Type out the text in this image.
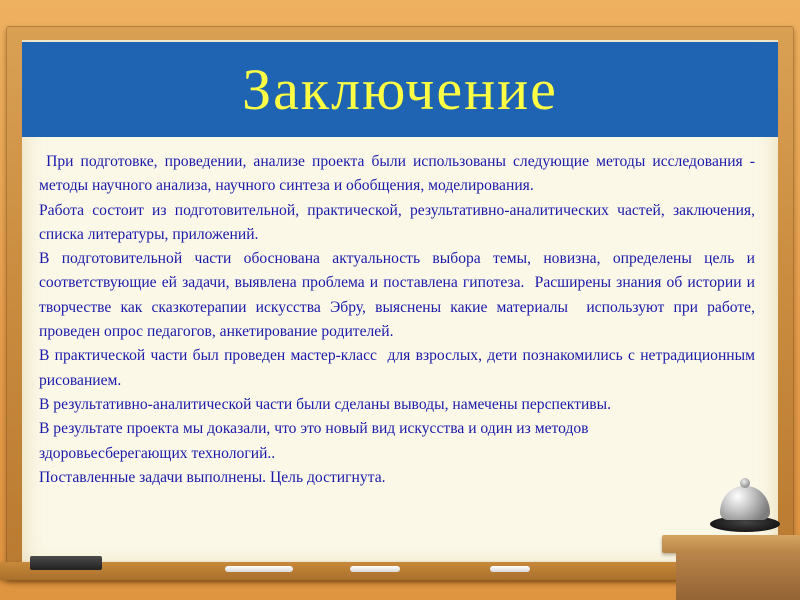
Заключение

При подготовке, проведении, анализе проекта были использованы следующие методы исследования - методы научного анализа, научного синтеза и обобщения, моделирования.

Работа состоит из подготовительной, практической, результативно-аналитических частей, заключения, списка литературы, приложений.

В подготовительной части обоснована актуальность выбора темы, новизна, определены цель и соответствующие ей задачи, выявлена проблема и поставлена гипотеза.  Расширены знания об истории и творчестве как сказкотерапии искусства Эбру, выяснены какие материалы  используют при работе, проведен опрос педагогов, анкетирование родителей.

В практической части был проведен мастер-класс  для взрослых, дети познакомились с нетрадиционным рисованием.

В результативно-аналитической части были сделаны выводы, намечены перспективы.

В результате проекта мы доказали, что это новый вид искусства и один из методов здоровьесберегающих технологий..

Поставленные задачи выполнены. Цель достигнута.
